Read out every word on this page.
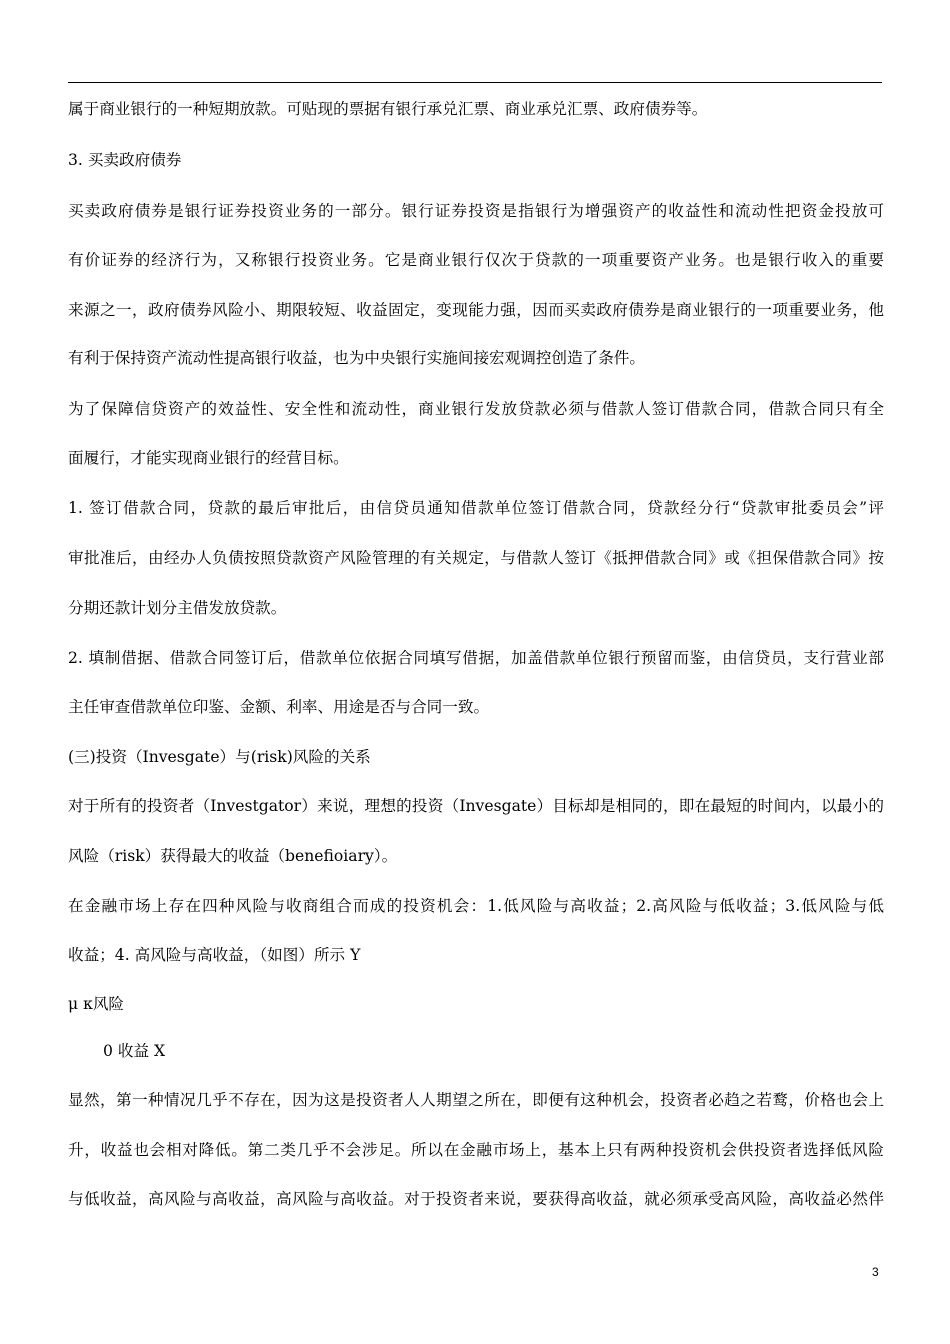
属于商业银行的一种短期放款。可贴现的票据有银行承兑汇票、商业承兑汇票、政府债券等。
3. 买卖政府债券
买卖政府债券是银行证券投资业务的一部分。银行证券投资是指银行为增强资产的收益性和流动性把资金投放可
有价证券的经济行为，又称银行投资业务。它是商业银行仅次于贷款的一项重要资产业务。也是银行收入的重要
来源之一，政府债券风险小、期限较短、收益固定，变现能力强，因而买卖政府债券是商业银行的一项重要业务，他
有利于保持资产流动性提高银行收益，也为中央银行实施间接宏观调控创造了条件。
为了保障信贷资产的效益性、安全性和流动性，商业银行发放贷款必须与借款人签订借款合同，借款合同只有全
面履行，才能实现商业银行的经营目标。
1. 签订借款合同，贷款的最后审批后，由信贷员通知借款单位签订借款合同，贷款经分行“贷款审批委员会”评
审批准后，由经办人负债按照贷款资产风险管理的有关规定，与借款人签订《抵押借款合同》或《担保借款合同》按
分期还款计划分主借发放贷款。
2. 填制借据、借款合同签订后，借款单位依据合同填写借据，加盖借款单位银行预留而鉴，由信贷员，支行营业部
主任审查借款单位印鉴、金额、利率、用途是否与合同一致。
(三)投资（Invesgate）与(risk)风险的关系
对于所有的投资者（Investgator）来说，理想的投资（Invesgate）目标却是相同的，即在最短的时间内，以最小的
风险（risk）获得最大的收益（benefioiary）。
在金融市场上存在四种风险与收商组合而成的投资机会：1.低风险与高收益；2.高风险与低收益；3.低风险与低
收益；4. 高风险与高收益，（如图）所示 Y
μ κ风险
0 收益 X
显然，第一种情况几乎不存在，因为这是投资者人人期望之所在，即便有这种机会，投资者必趋之若鹜，价格也会上
升，收益也会相对降低。第二类几乎不会涉足。所以在金融市场上，基本上只有两种投资机会供投资者选择低风险
与低收益，高风险与高收益，高风险与高收益。对于投资者来说，要获得高收益，就必须承受高风险，高收益必然伴
3
